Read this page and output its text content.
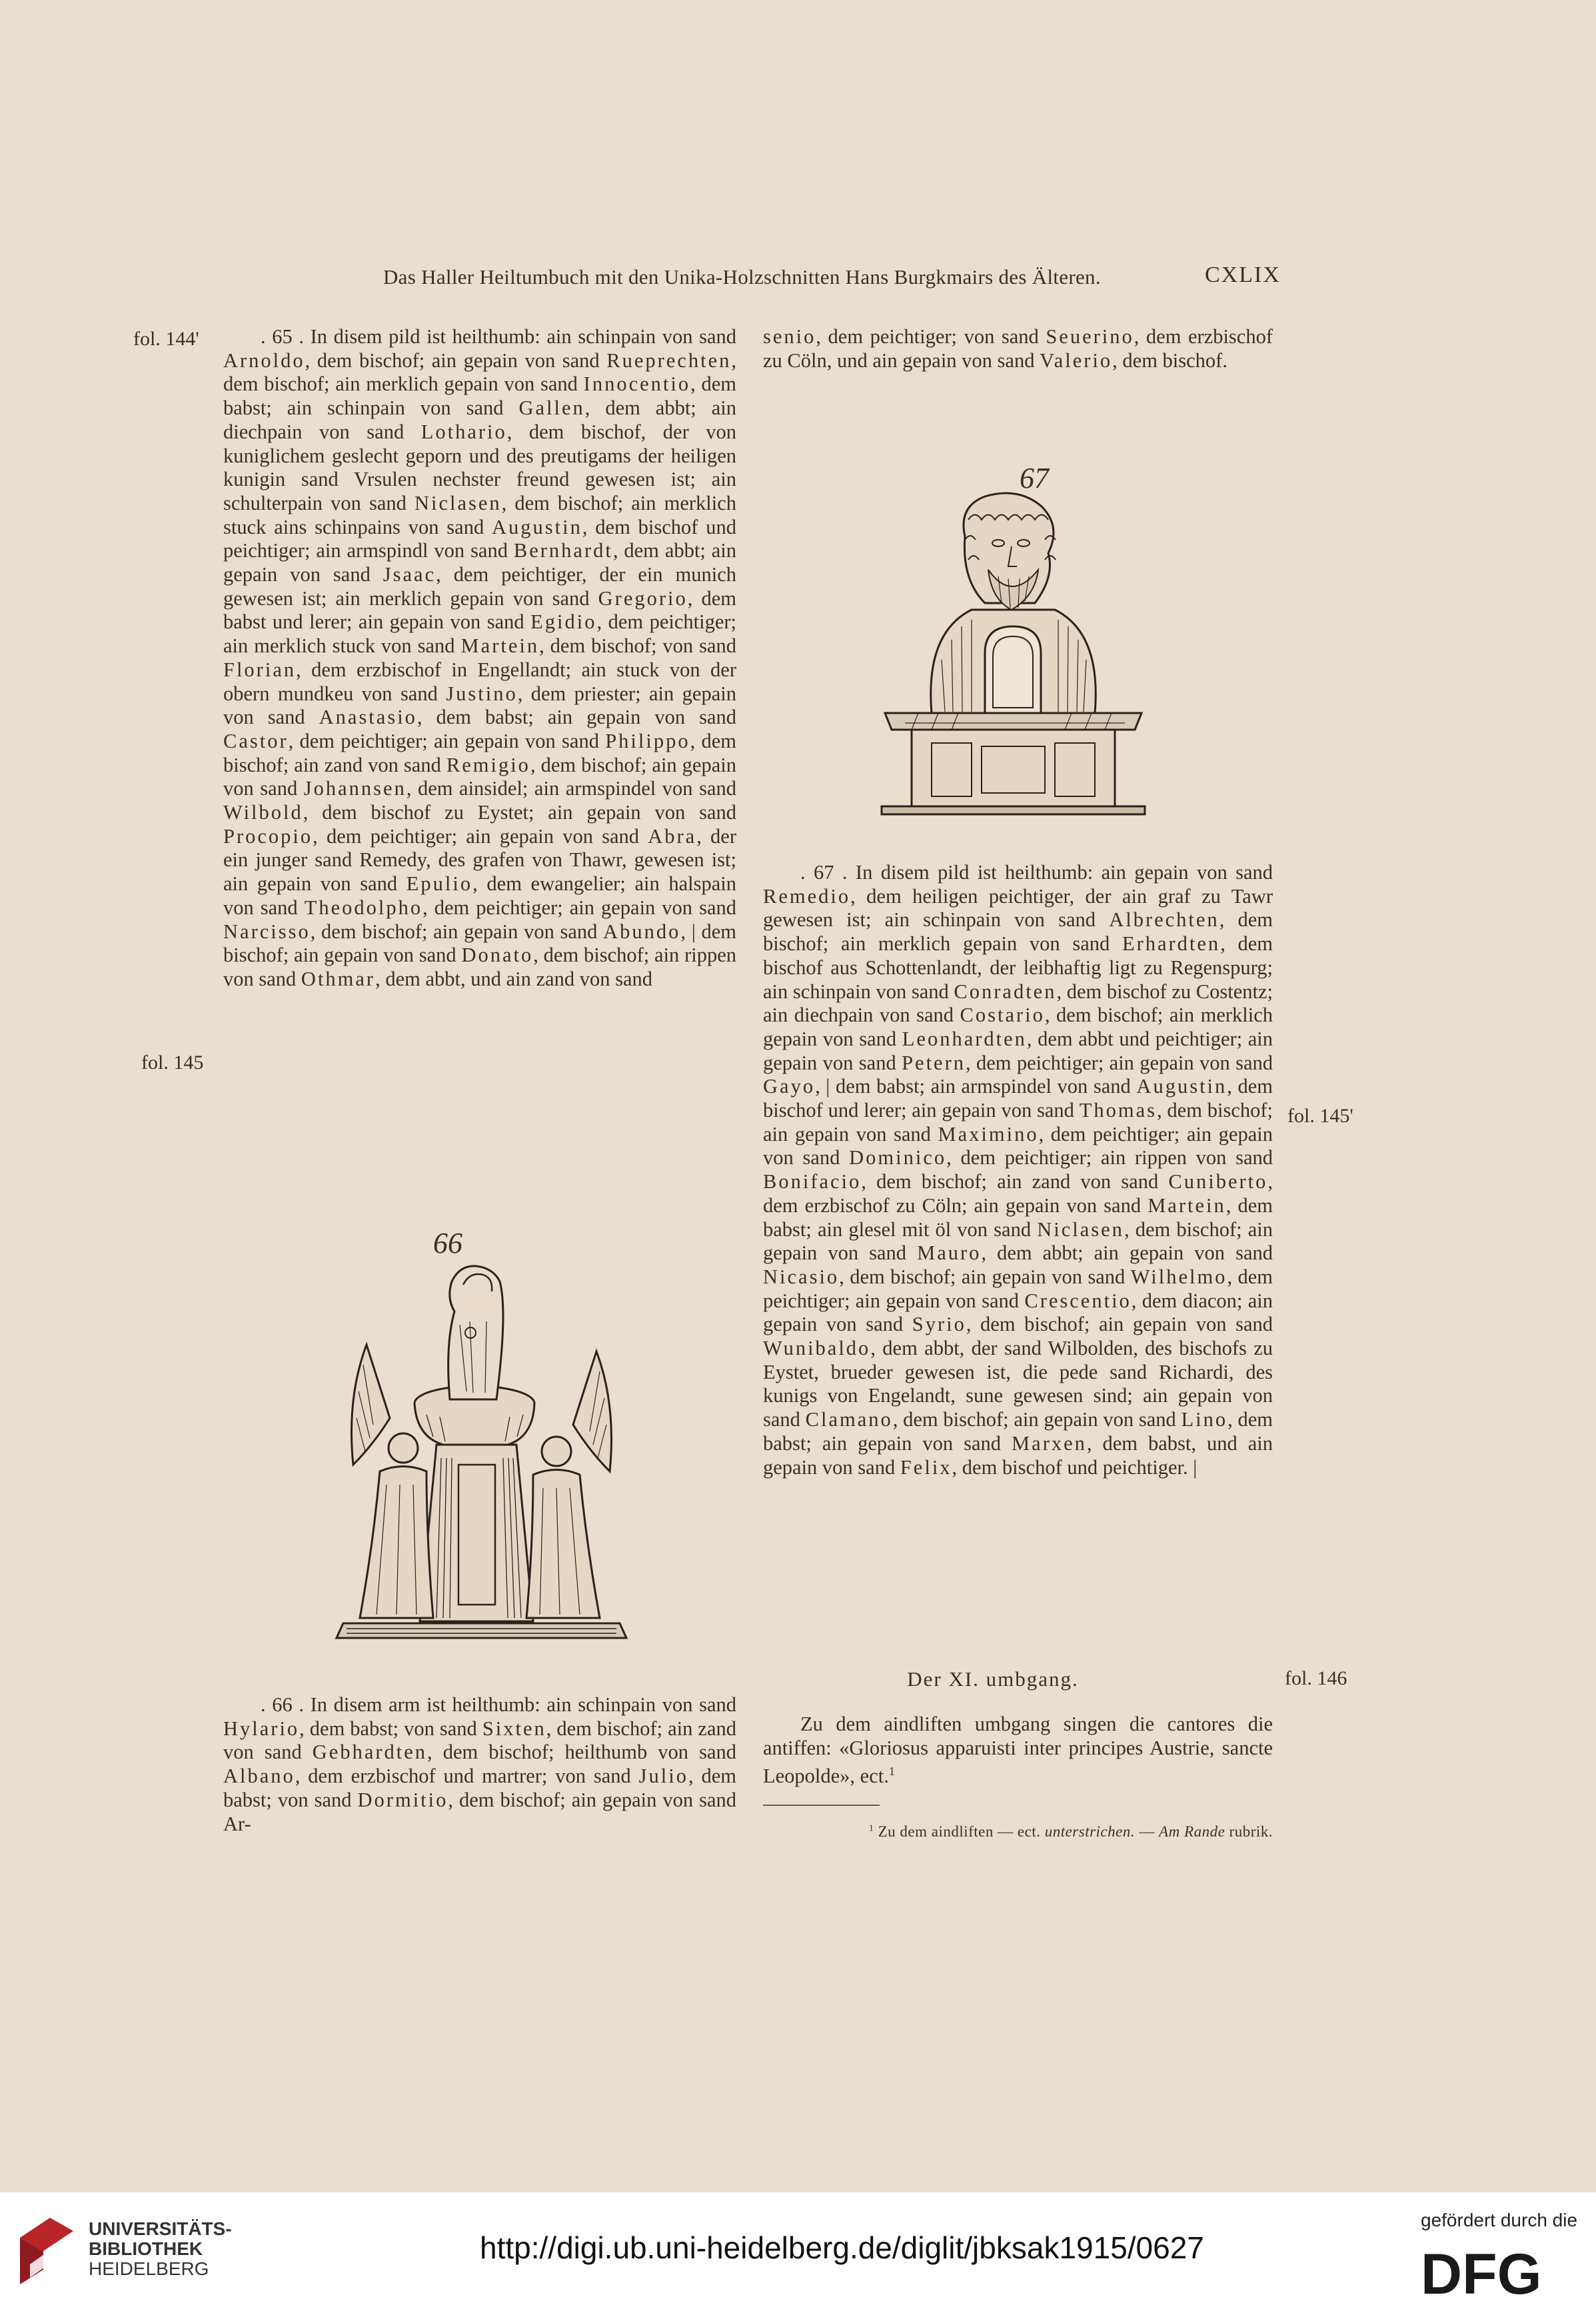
Das Haller Heiltumbuch mit den Unika-Holzschnitten Hans Burgkmairs des Älteren.	CXLIX
fol. 144'
fol. 145
fol. 145'
fol. 146

. 65 . In disem pild ist heilthumb: ain schinpain von sand Arnoldo, dem bischof; ain gepain von sand Rueprechten, dem bischof; ain merklich gepain von sand Innocentio, dem babst; ain schinpain von sand Gallen, dem abbt; ain diechpain von sand Lothario, dem bischof, der von kuniglichem geslecht geporn und des preutigams der heiligen kunigin sand Vrsulen nechster freund gewesen ist; ain schulterpain von sand Niclasen, dem bischof; ain merklich stuck ains schinpains von sand Augustin, dem bischof und peichtiger; ain armspindl von sand Bernhardt, dem abbt; ain gepain von sand Jsaac, dem peichtiger, der ein munich gewesen ist; ain merklich gepain von sand Gregorio, dem babst und lerer; ain gepain von sand Egidio, dem peichtiger; ain merklich stuck von sand Martein, dem bischof; von sand Florian, dem erzbischof in Engellandt; ain stuck von der obern mundkeu von sand Justino, dem priester; ain gepain von sand Anastasio, dem babst; ain gepain von sand Castor, dem peichtiger; ain gepain von sand Philippo, dem bischof; ain zand von sand Remigio, dem bischof; ain gepain von sand Johannsen, dem ainsidel; ain armspindel von sand Wilbold, dem bischof zu Eystet; ain gepain von sand Procopio, dem peichtiger; ain gepain von sand Abra, der ein junger sand Remedy, des grafen von Thawr, gewesen ist; ain gepain von sand Epulio, dem ewangelier; ain halspain von sand Theodolpho, dem peichtiger; ain gepain von sand Narcisso, dem bischof; ain gepain von sand Abundo, | dem bischof; ain gepain von sand Donato, dem bischof; ain rippen von sand Othmar, dem abbt, und ain zand von sand

66

. 66 . In disem arm ist heilthumb: ain schinpain von sand Hylario, dem babst; von sand Sixten, dem bischof; ain zand von sand Gebhardten, dem bischof; heilthumb von sand Albano, dem erzbischof und martrer; von sand Julio, dem babst; von sand Dormitio, dem bischof; ain gepain von sand Ar-

senio, dem peichtiger; von sand Seuerino, dem erzbischof zu Cöln, und ain gepain von sand Valerio, dem bischof.

67

. 67 . In disem pild ist heilthumb: ain gepain von sand Remedio, dem heiligen peichtiger, der ain graf zu Tawr gewesen ist; ain schinpain von sand Albrechten, dem bischof; ain merklich gepain von sand Erhardten, dem bischof aus Schottenlandt, der leibhaftig ligt zu Regenspurg; ain schinpain von sand Conradten, dem bischof zu Costentz; ain diechpain von sand Costario, dem bischof; ain merklich gepain von sand Leonhardten, dem abbt und peichtiger; ain gepain von sand Petern, dem peichtiger; ain gepain von sand Gayo, | dem babst; ain armspindel von sand Augustin, dem bischof und lerer; ain gepain von sand Thomas, dem bischof; ain gepain von sand Maximino, dem peichtiger; ain gepain von sand Dominico, dem peichtiger; ain rippen von sand Bonifacio, dem bischof; ain zand von sand Cuniberto, dem erzbischof zu Cöln; ain gepain von sand Martein, dem babst; ain glesel mit öl von sand Niclasen, dem bischof; ain gepain von sand Mauro, dem abbt; ain gepain von sand Nicasio, dem bischof; ain gepain von sand Wilhelmo, dem peichtiger; ain gepain von sand Crescentio, dem diacon; ain gepain von sand Syrio, dem bischof; ain gepain von sand Wunibaldo, dem abbt, der sand Wilbolden, des bischofs zu Eystet, brueder gewesen ist, die pede sand Richardi, des kunigs von Engelandt, sune gewesen sind; ain gepain von sand Clamano, dem bischof; ain gepain von sand Lino, dem babst; ain gepain von sand Marxen, dem babst, und ain gepain von sand Felix, dem bischof und peichtiger. |

Der XI. umbgang.

Zu dem aindliften umbgang singen die cantores die antiffen: «Gloriosus apparuisti inter principes Austrie, sancte Leopolde», ect.$^1$

$^1$ Zu dem aindliften — ect. unterstrichen. — Am Rande rubrik.
UNIVERSITÄTS-
BIBLIOTHEK
HEIDELBERG
http://digi.ub.uni-heidelberg.de/diglit/jbksak1915/0627
gefördert durch die
DFG
